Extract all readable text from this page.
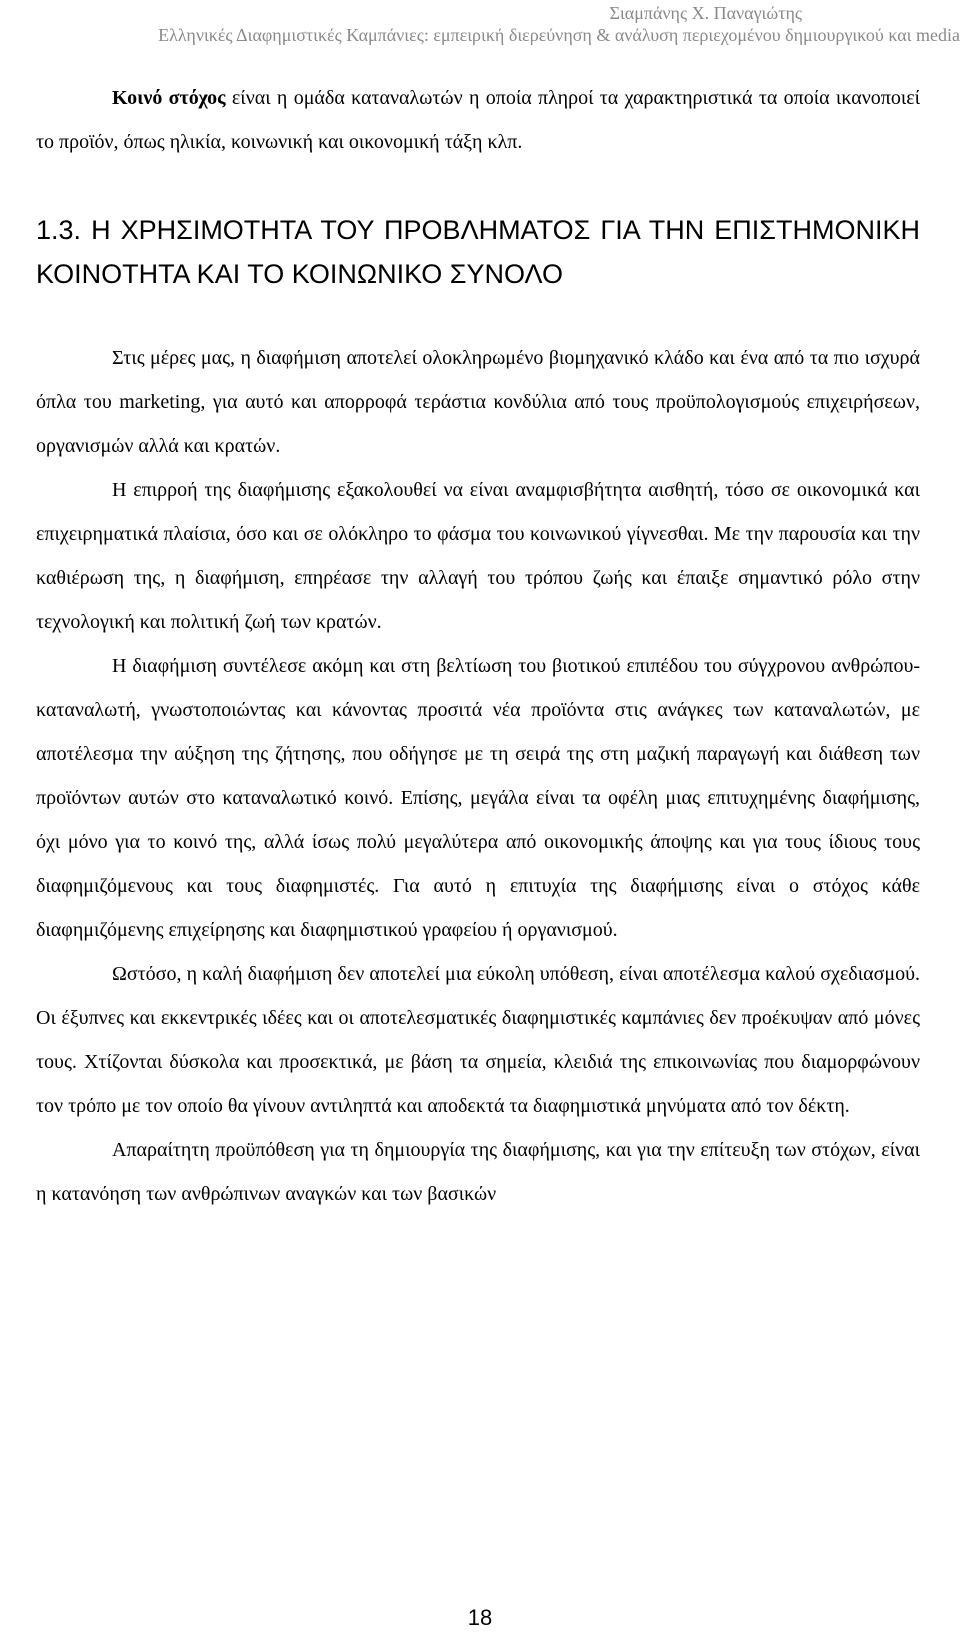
Σιαμπάνης Χ. Παναγιώτης
Ελληνικές Διαφημιστικές Καμπάνιες: εμπειρική διερεύνηση & ανάλυση περιεχομένου δημιουργικού και media

Κοινό στόχος είναι η ομάδα καταναλωτών η οποία πληροί τα χαρακτηριστικά τα οποία ικανοποιεί το προϊόν, όπως ηλικία, κοινωνική και οικονομική τάξη κλπ.

1.3. Η ΧΡΗΣΙΜΟΤΗΤΑ ΤΟΥ ΠΡΟΒΛΗΜΑΤΟΣ ΓΙΑ ΤΗΝ ΕΠΙΣΤΗΜΟΝΙΚΗ ΚΟΙΝΟΤΗΤΑ ΚΑΙ ΤΟ ΚΟΙΝΩΝΙΚΟ ΣΥΝΟΛΟ

Στις μέρες μας, η διαφήμιση αποτελεί ολοκληρωμένο βιομηχανικό κλάδο και ένα από τα πιο ισχυρά όπλα του marketing, για αυτό και απορροφά τεράστια κονδύλια από τους προϋπολογισμούς επιχειρήσεων, οργανισμών αλλά και κρατών.

Η επιρροή της διαφήμισης εξακολουθεί να είναι αναμφισβήτητα αισθητή, τόσο σε οικονομικά και επιχειρηματικά πλαίσια, όσο και σε ολόκληρο το φάσμα του κοινωνικού γίγνεσθαι. Με την παρουσία και την καθιέρωση της, η διαφήμιση, επηρέασε την αλλαγή του τρόπου ζωής και έπαιξε σημαντικό ρόλο στην τεχνολογική και πολιτική ζωή των κρατών.

Η διαφήμιση συντέλεσε ακόμη και στη βελτίωση του βιοτικού επιπέδου του σύγχρονου ανθρώπου-καταναλωτή, γνωστοποιώντας και κάνοντας προσιτά νέα προϊόντα στις ανάγκες των καταναλωτών, με αποτέλεσμα την αύξηση της ζήτησης, που οδήγησε με τη σειρά της στη μαζική παραγωγή και διάθεση των προϊόντων αυτών στο καταναλωτικό κοινό. Επίσης, μεγάλα είναι τα οφέλη μιας επιτυχημένης διαφήμισης, όχι μόνο για το κοινό της, αλλά ίσως πολύ μεγαλύτερα από οικονομικής άποψης και για τους ίδιους τους διαφημιζόμενους και τους διαφημιστές. Για αυτό η επιτυχία της διαφήμισης είναι ο στόχος κάθε διαφημιζόμενης επιχείρησης και διαφημιστικού γραφείου ή οργανισμού.

Ωστόσο, η καλή διαφήμιση δεν αποτελεί μια εύκολη υπόθεση, είναι αποτέλεσμα καλού σχεδιασμού. Οι έξυπνες και εκκεντρικές ιδέες και οι αποτελεσματικές διαφημιστικές καμπάνιες δεν προέκυψαν από μόνες τους. Χτίζονται δύσκολα και προσεκτικά, με βάση τα σημεία, κλειδιά της επικοινωνίας που διαμορφώνουν τον τρόπο με τον οποίο θα γίνουν αντιληπτά και αποδεκτά τα διαφημιστικά μηνύματα από τον δέκτη.

Απαραίτητη προϋπόθεση για τη δημιουργία της διαφήμισης, και για την επίτευξη των στόχων, είναι η κατανόηση των ανθρώπινων αναγκών και των βασικών

18
